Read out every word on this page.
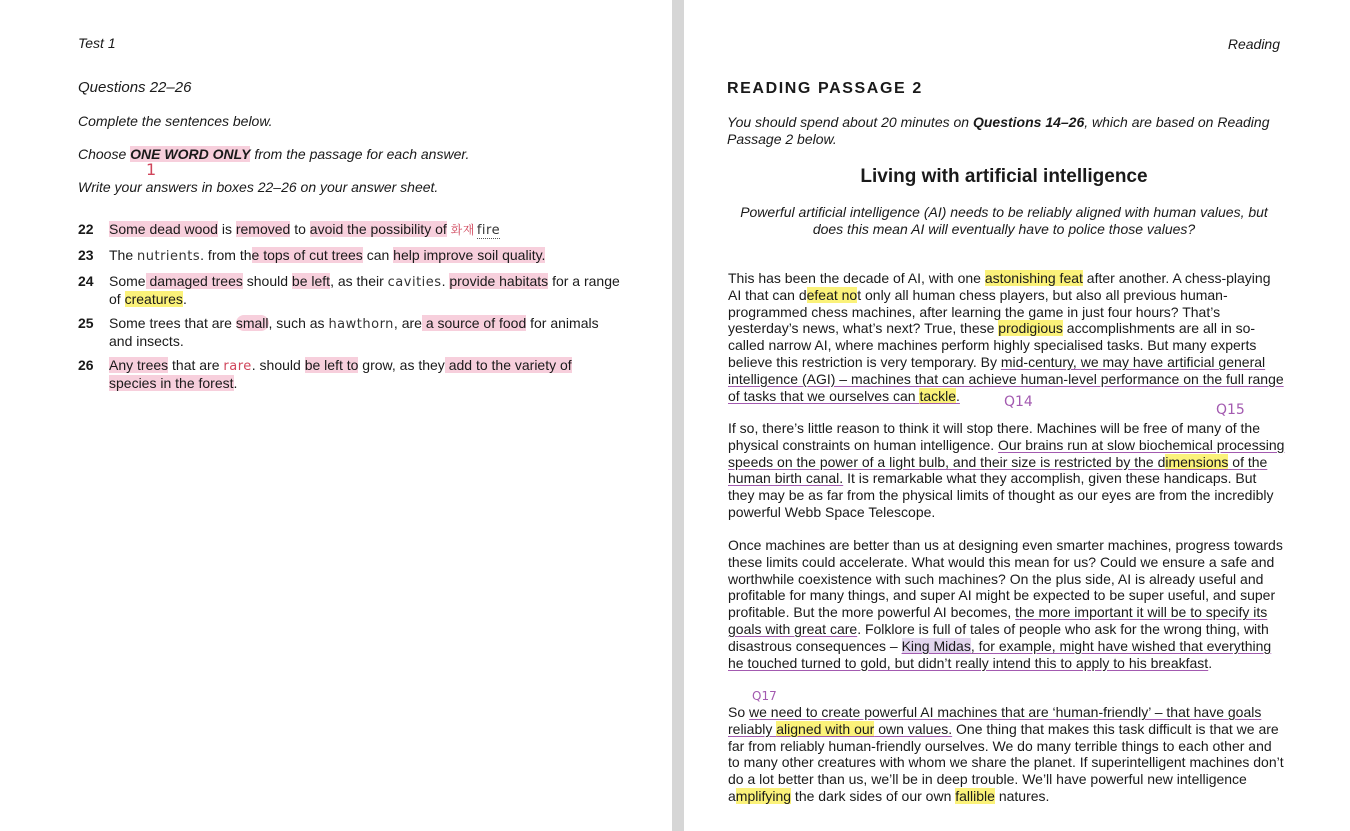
Test 1
Questions 22–26
Complete the sentences below.
Choose ONE WORD ONLY from the passage for each answer.
1
Write your answers in boxes 22–26 on your answer sheet.
22 Some dead wood is removed to avoid the possibility of 화재 fire
23 The nutrients. from the tops of cut trees can help improve soil quality.
24 Some damaged trees should be left, as their cavities. provide habitats for a range of creatures.
25 Some trees that are small, such as hawthorn, are a source of food for animals and insects.
26 Any trees that are rare. should be left to grow, as they add to the variety of species in the forest.
Reading
READING PASSAGE 2
You should spend about 20 minutes on Questions 14–26, which are based on Reading Passage 2 below.
Living with artificial intelligence
Powerful artificial intelligence (AI) needs to be reliably aligned with human values, but does this mean AI will eventually have to police those values?
This has been the decade of AI, with one astonishing feat after another. A chess-playing AI that can defeat not only all human chess players, but also all previous human-programmed chess machines, after learning the game in just four hours? That’s yesterday’s news, what’s next? True, these prodigious accomplishments are all in so-called narrow AI, where machines perform highly specialised tasks. But many experts believe this restriction is very temporary. By mid-century, we may have artificial general intelligence (AGI) – machines that can achieve human-level performance on the full range of tasks that we ourselves can tackle.	Q14	Q15
If so, there’s little reason to think it will stop there. Machines will be free of many of the physical constraints on human intelligence. Our brains run at slow biochemical processing speeds on the power of a light bulb, and their size is restricted by the dimensions of the human birth canal. It is remarkable what they accomplish, given these handicaps. But they may be as far from the physical limits of thought as our eyes are from the incredibly powerful Webb Space Telescope.
Once machines are better than us at designing even smarter machines, progress towards these limits could accelerate. What would this mean for us? Could we ensure a safe and worthwhile coexistence with such machines? On the plus side, AI is already useful and profitable for many things, and super AI might be expected to be super useful, and super profitable. But the more powerful AI becomes, the more important it will be to specify its goals with great care. Folklore is full of tales of people who ask for the wrong thing, with disastrous consequences – King Midas, for example, might have wished that everything he touched turned to gold, but didn’t really intend this to apply to his breakfast.
Q17
So we need to create powerful AI machines that are ‘human-friendly’ – that have goals reliably aligned with our own values. One thing that makes this task difficult is that we are far from reliably human-friendly ourselves. We do many terrible things to each other and to many other creatures with whom we share the planet. If superintelligent machines don’t do a lot better than us, we’ll be in deep trouble. We’ll have powerful new intelligence amplifying the dark sides of our own fallible natures.
